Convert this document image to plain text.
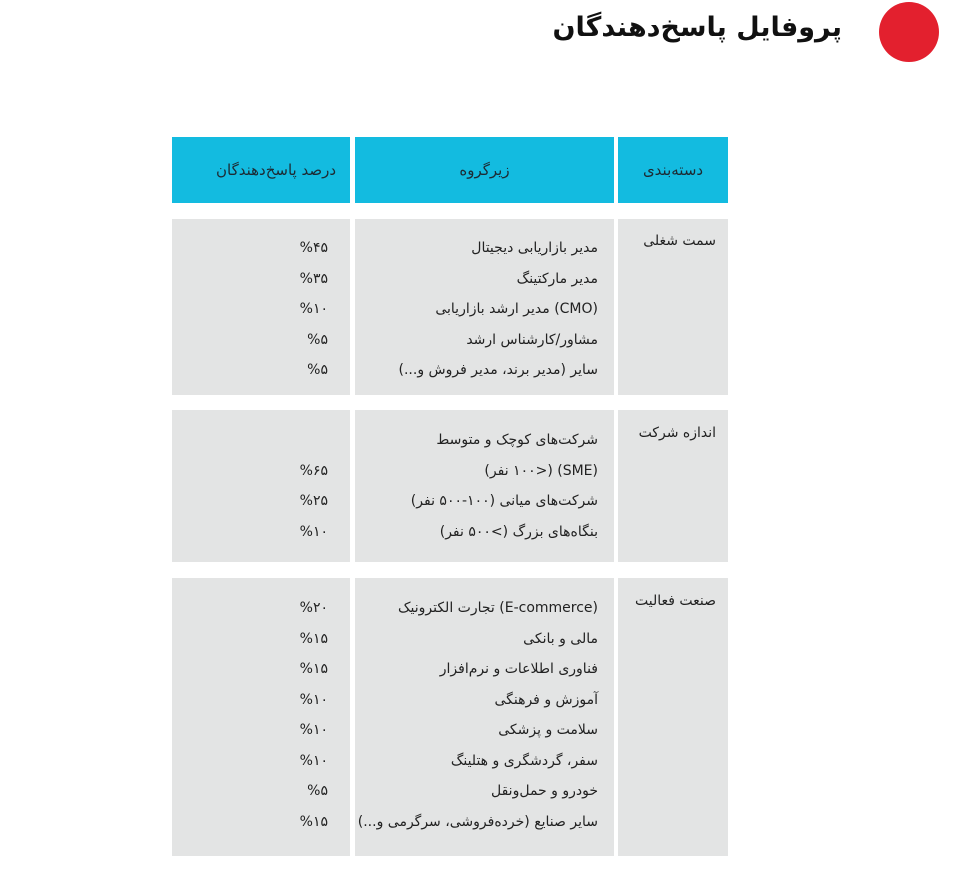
پروفایل پاسخ‌دهندگان
درصد پاسخ‌دهندگان	زیرگروه	دسته‌بندی
%۴۵
%۳۵
%۱۰
%۵
%۵
مدیر بازاریابی دیجیتال
مدیر مارکتینگ
(CMO) مدیر ارشد بازاریابی
مشاور/کارشناس ارشد
سایر (مدیر برند، مدیر فروش و...)
سمت شغلی
%۶۵
%۲۵
%۱۰
شرکت‌های کوچک و متوسط
(SME) (<۱۰۰ نفر)
شرکت‌های میانی (۱۰۰-۵۰۰ نفر)
بنگاه‌های بزرگ (>۵۰۰ نفر)
اندازه شرکت
%۲۰
%۱۵
%۱۵
%۱۰
%۱۰
%۱۰
%۵
%۱۵
(E-commerce) تجارت الکترونیک
مالی و بانکی
فناوری اطلاعات و نرم‌افزار
آموزش و فرهنگی
سلامت و پزشکی
سفر، گردشگری و هتلینگ
خودرو و حمل‌ونقل
سایر صنایع (خرده‌فروشی، سرگرمی و...)
صنعت فعالیت
